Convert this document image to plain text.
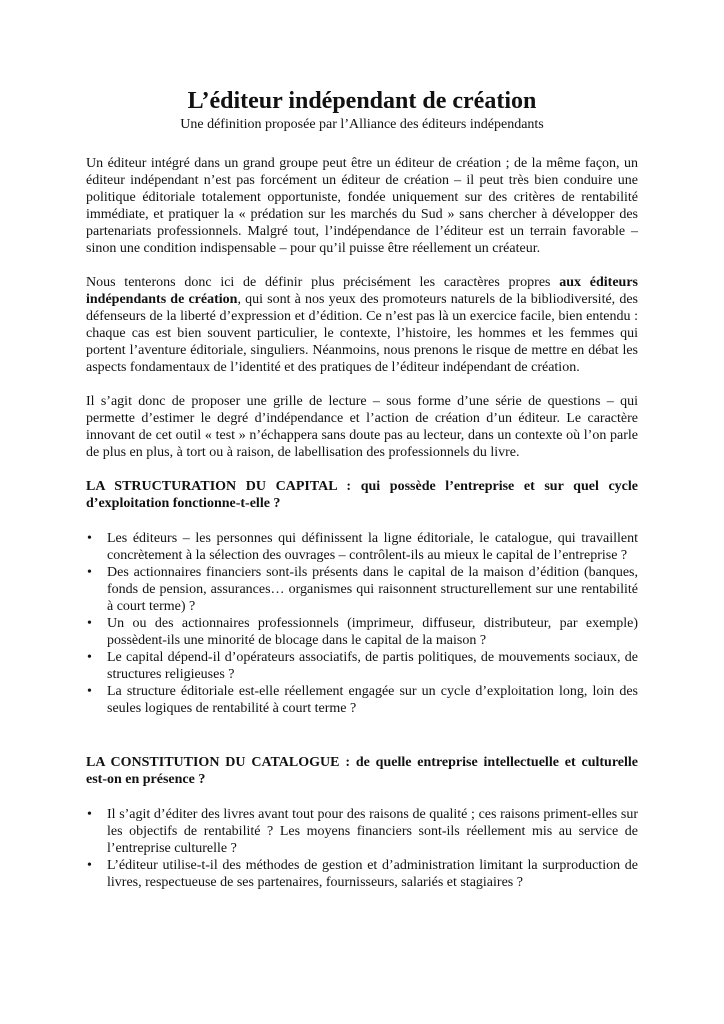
L’éditeur indépendant de création
Une définition proposée par l’Alliance des éditeurs indépendants

Un éditeur intégré dans un grand groupe peut être un éditeur de création ; de la même façon, un éditeur indépendant n’est pas forcément un éditeur de création – il peut très bien conduire une politique éditoriale totalement opportuniste, fondée uniquement sur des critères de rentabilité immédiate, et pratiquer la « prédation sur les marchés du Sud » sans chercher à développer des partenariats professionnels. Malgré tout, l’indépendance de l’éditeur est un terrain favorable – sinon une condition indispensable – pour qu’il puisse être réellement un créateur.

Nous tenterons donc ici de définir plus précisément les caractères propres aux éditeurs indépendants de création, qui sont à nos yeux des promoteurs naturels de la bibliodiversité, des défenseurs de la liberté d’expression et d’édition. Ce n’est pas là un exercice facile, bien entendu : chaque cas est bien souvent particulier, le contexte, l’histoire, les hommes et les femmes qui portent l’aventure éditoriale, singuliers. Néanmoins, nous prenons le risque de mettre en débat les aspects fondamentaux de l’identité et des pratiques de l’éditeur indépendant de création.

Il s’agit donc de proposer une grille de lecture – sous forme d’une série de questions – qui permette d’estimer le degré d’indépendance et l’action de création d’un éditeur. Le caractère innovant de cet outil « test » n’échappera sans doute pas au lecteur, dans un contexte où l’on parle de plus en plus, à tort ou à raison, de labellisation des professionnels du livre.

LA STRUCTURATION DU CAPITAL : qui possède l’entreprise et sur quel cycle d’exploitation fonctionne-t-elle ?
• Les éditeurs – les personnes qui définissent la ligne éditoriale, le catalogue, qui travaillent concrètement à la sélection des ouvrages – contrôlent-ils au mieux le capital de l’entreprise ?
• Des actionnaires financiers sont-ils présents dans le capital de la maison d’édition (banques, fonds de pension, assurances… organismes qui raisonnent structurellement sur une rentabilité à court terme) ?
• Un ou des actionnaires professionnels (imprimeur, diffuseur, distributeur, par exemple) possèdent-ils une minorité de blocage dans le capital de la maison ?
• Le capital dépend-il d’opérateurs associatifs, de partis politiques, de mouvements sociaux, de structures religieuses ?
• La structure éditoriale est-elle réellement engagée sur un cycle d’exploitation long, loin des seules logiques de rentabilité à court terme ?
LA CONSTITUTION DU CATALOGUE : de quelle entreprise intellectuelle et culturelle est-on en présence ?
• Il s’agit d’éditer des livres avant tout pour des raisons de qualité ; ces raisons priment-elles sur les objectifs de rentabilité ? Les moyens financiers sont-ils réellement mis au service de l’entreprise culturelle ?
• L’éditeur utilise-t-il des méthodes de gestion et d’administration limitant la surproduction de livres, respectueuse de ses partenaires, fournisseurs, salariés et stagiaires ?
